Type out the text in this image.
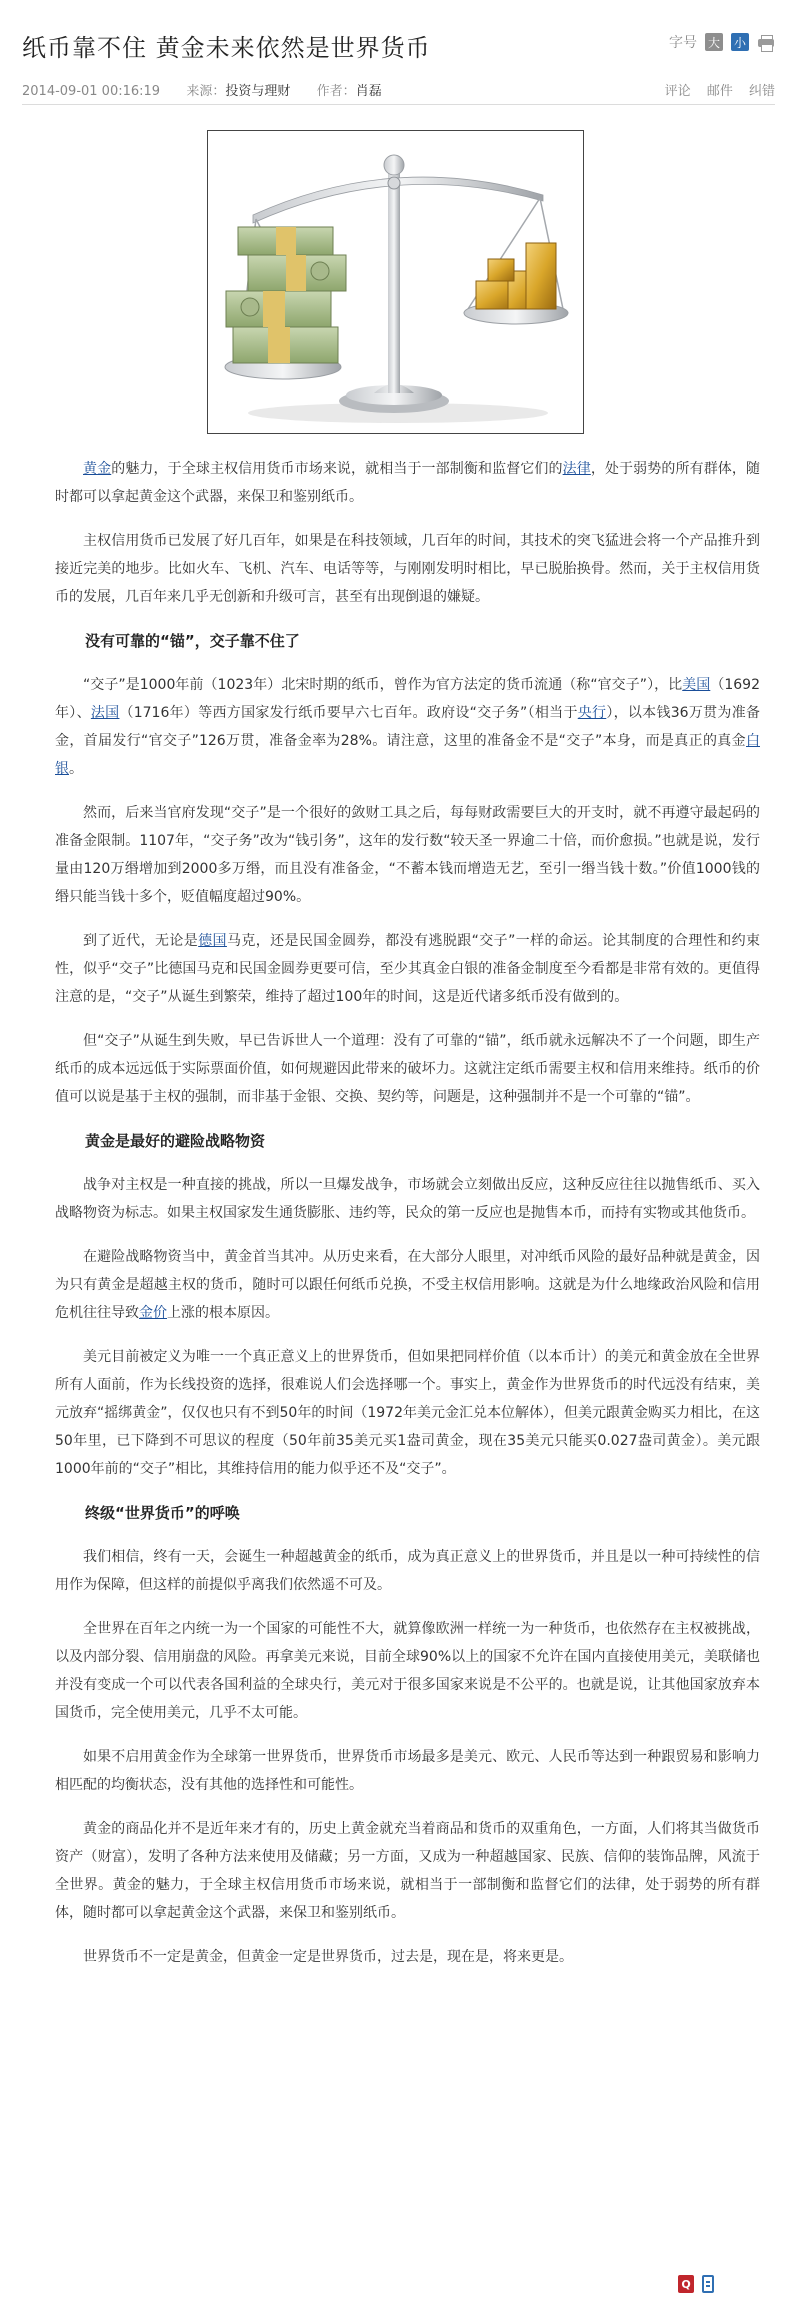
纸币靠不住 黄金未来依然是世界货币	字号 大 小
2014-09-01 00:16:19 来源：投资与理财 作者：肖磊	评论 邮件 纠错

黄金的魅力，于全球主权信用货币市场来说，就相当于一部制衡和监督它们的法律，处于弱势的所有群体，随时都可以拿起黄金这个武器，来保卫和鉴别纸币。

主权信用货币已发展了好几百年，如果是在科技领域，几百年的时间，其技术的突飞猛进会将一个产品推升到接近完美的地步。比如火车、飞机、汽车、电话等等，与刚刚发明时相比，早已脱胎换骨。然而，关于主权信用货币的发展，几百年来几乎无创新和升级可言，甚至有出现倒退的嫌疑。

没有可靠的“锚”，交子靠不住了

“交子”是1000年前（1023年）北宋时期的纸币，曾作为官方法定的货币流通（称“官交子”），比美国（1692年）、法国（1716年）等西方国家发行纸币要早六七百年。政府设“交子务”（相当于央行），以本钱36万贯为准备金，首届发行“官交子”126万贯，准备金率为28%。请注意，这里的准备金不是“交子”本身，而是真正的真金白银。

然而，后来当官府发现“交子”是一个很好的敛财工具之后，每每财政需要巨大的开支时，就不再遵守最起码的准备金限制。1107年，“交子务”改为“钱引务”，这年的发行数“较天圣一界逾二十倍，而价愈损。”也就是说，发行量由120万缗增加到2000多万缗，而且没有准备金，“不蓄本钱而增造无艺，至引一缗当钱十数。”价值1000钱的缗只能当钱十多个，贬值幅度超过90%。

到了近代，无论是德国马克，还是民国金圆券，都没有逃脱跟“交子”一样的命运。论其制度的合理性和约束性，似乎“交子”比德国马克和民国金圆券更要可信，至少其真金白银的准备金制度至今看都是非常有效的。更值得注意的是，“交子”从诞生到繁荣，维持了超过100年的时间，这是近代诸多纸币没有做到的。

但“交子”从诞生到失败，早已告诉世人一个道理：没有了可靠的“锚”，纸币就永远解决不了一个问题，即生产纸币的成本远远低于实际票面价值，如何规避因此带来的破坏力。这就注定纸币需要主权和信用来维持。纸币的价值可以说是基于主权的强制，而非基于金银、交换、契约等，问题是，这种强制并不是一个可靠的“锚”。

黄金是最好的避险战略物资

战争对主权是一种直接的挑战，所以一旦爆发战争，市场就会立刻做出反应，这种反应往往以抛售纸币、买入战略物资为标志。如果主权国家发生通货膨胀、违约等，民众的第一反应也是抛售本币，而持有实物或其他货币。

在避险战略物资当中，黄金首当其冲。从历史来看，在大部分人眼里，对冲纸币风险的最好品种就是黄金，因为只有黄金是超越主权的货币，随时可以跟任何纸币兑换，不受主权信用影响。这就是为什么地缘政治风险和信用危机往往导致金价上涨的根本原因。

美元目前被定义为唯一一个真正意义上的世界货币，但如果把同样价值（以本币计）的美元和黄金放在全世界所有人面前，作为长线投资的选择，很难说人们会选择哪一个。事实上，黄金作为世界货币的时代远没有结束，美元放弃“摇绑黄金”，仅仅也只有不到50年的时间（1972年美元金汇兑本位解体），但美元跟黄金购买力相比，在这50年里，已下降到不可思议的程度（50年前35美元买1盎司黄金，现在35美元只能买0.027盎司黄金）。美元跟1000年前的“交子”相比，其维持信用的能力似乎还不及“交子”。

终级“世界货币”的呼唤

我们相信，终有一天，会诞生一种超越黄金的纸币，成为真正意义上的世界货币，并且是以一种可持续性的信用作为保障，但这样的前提似乎离我们依然遥不可及。

全世界在百年之内统一为一个国家的可能性不大，就算像欧洲一样统一为一种货币，也依然存在主权被挑战，以及内部分裂、信用崩盘的风险。再拿美元来说，目前全球90%以上的国家不允许在国内直接使用美元，美联储也并没有变成一个可以代表各国利益的全球央行，美元对于很多国家来说是不公平的。也就是说，让其他国家放弃本国货币，完全使用美元，几乎不太可能。

如果不启用黄金作为全球第一世界货币，世界货币市场最多是美元、欧元、人民币等达到一种跟贸易和影响力相匹配的均衡状态，没有其他的选择性和可能性。

黄金的商品化并不是近年来才有的，历史上黄金就充当着商品和货币的双重角色，一方面，人们将其当做货币资产（财富），发明了各种方法来使用及储藏；另一方面，又成为一种超越国家、民族、信仰的装饰品牌，风流于全世界。黄金的魅力，于全球主权信用货币市场来说，就相当于一部制衡和监督它们的法律，处于弱势的所有群体，随时都可以拿起黄金这个武器，来保卫和鉴别纸币。

世界货币不一定是黄金，但黄金一定是世界货币，过去是，现在是，将来更是。

Q
